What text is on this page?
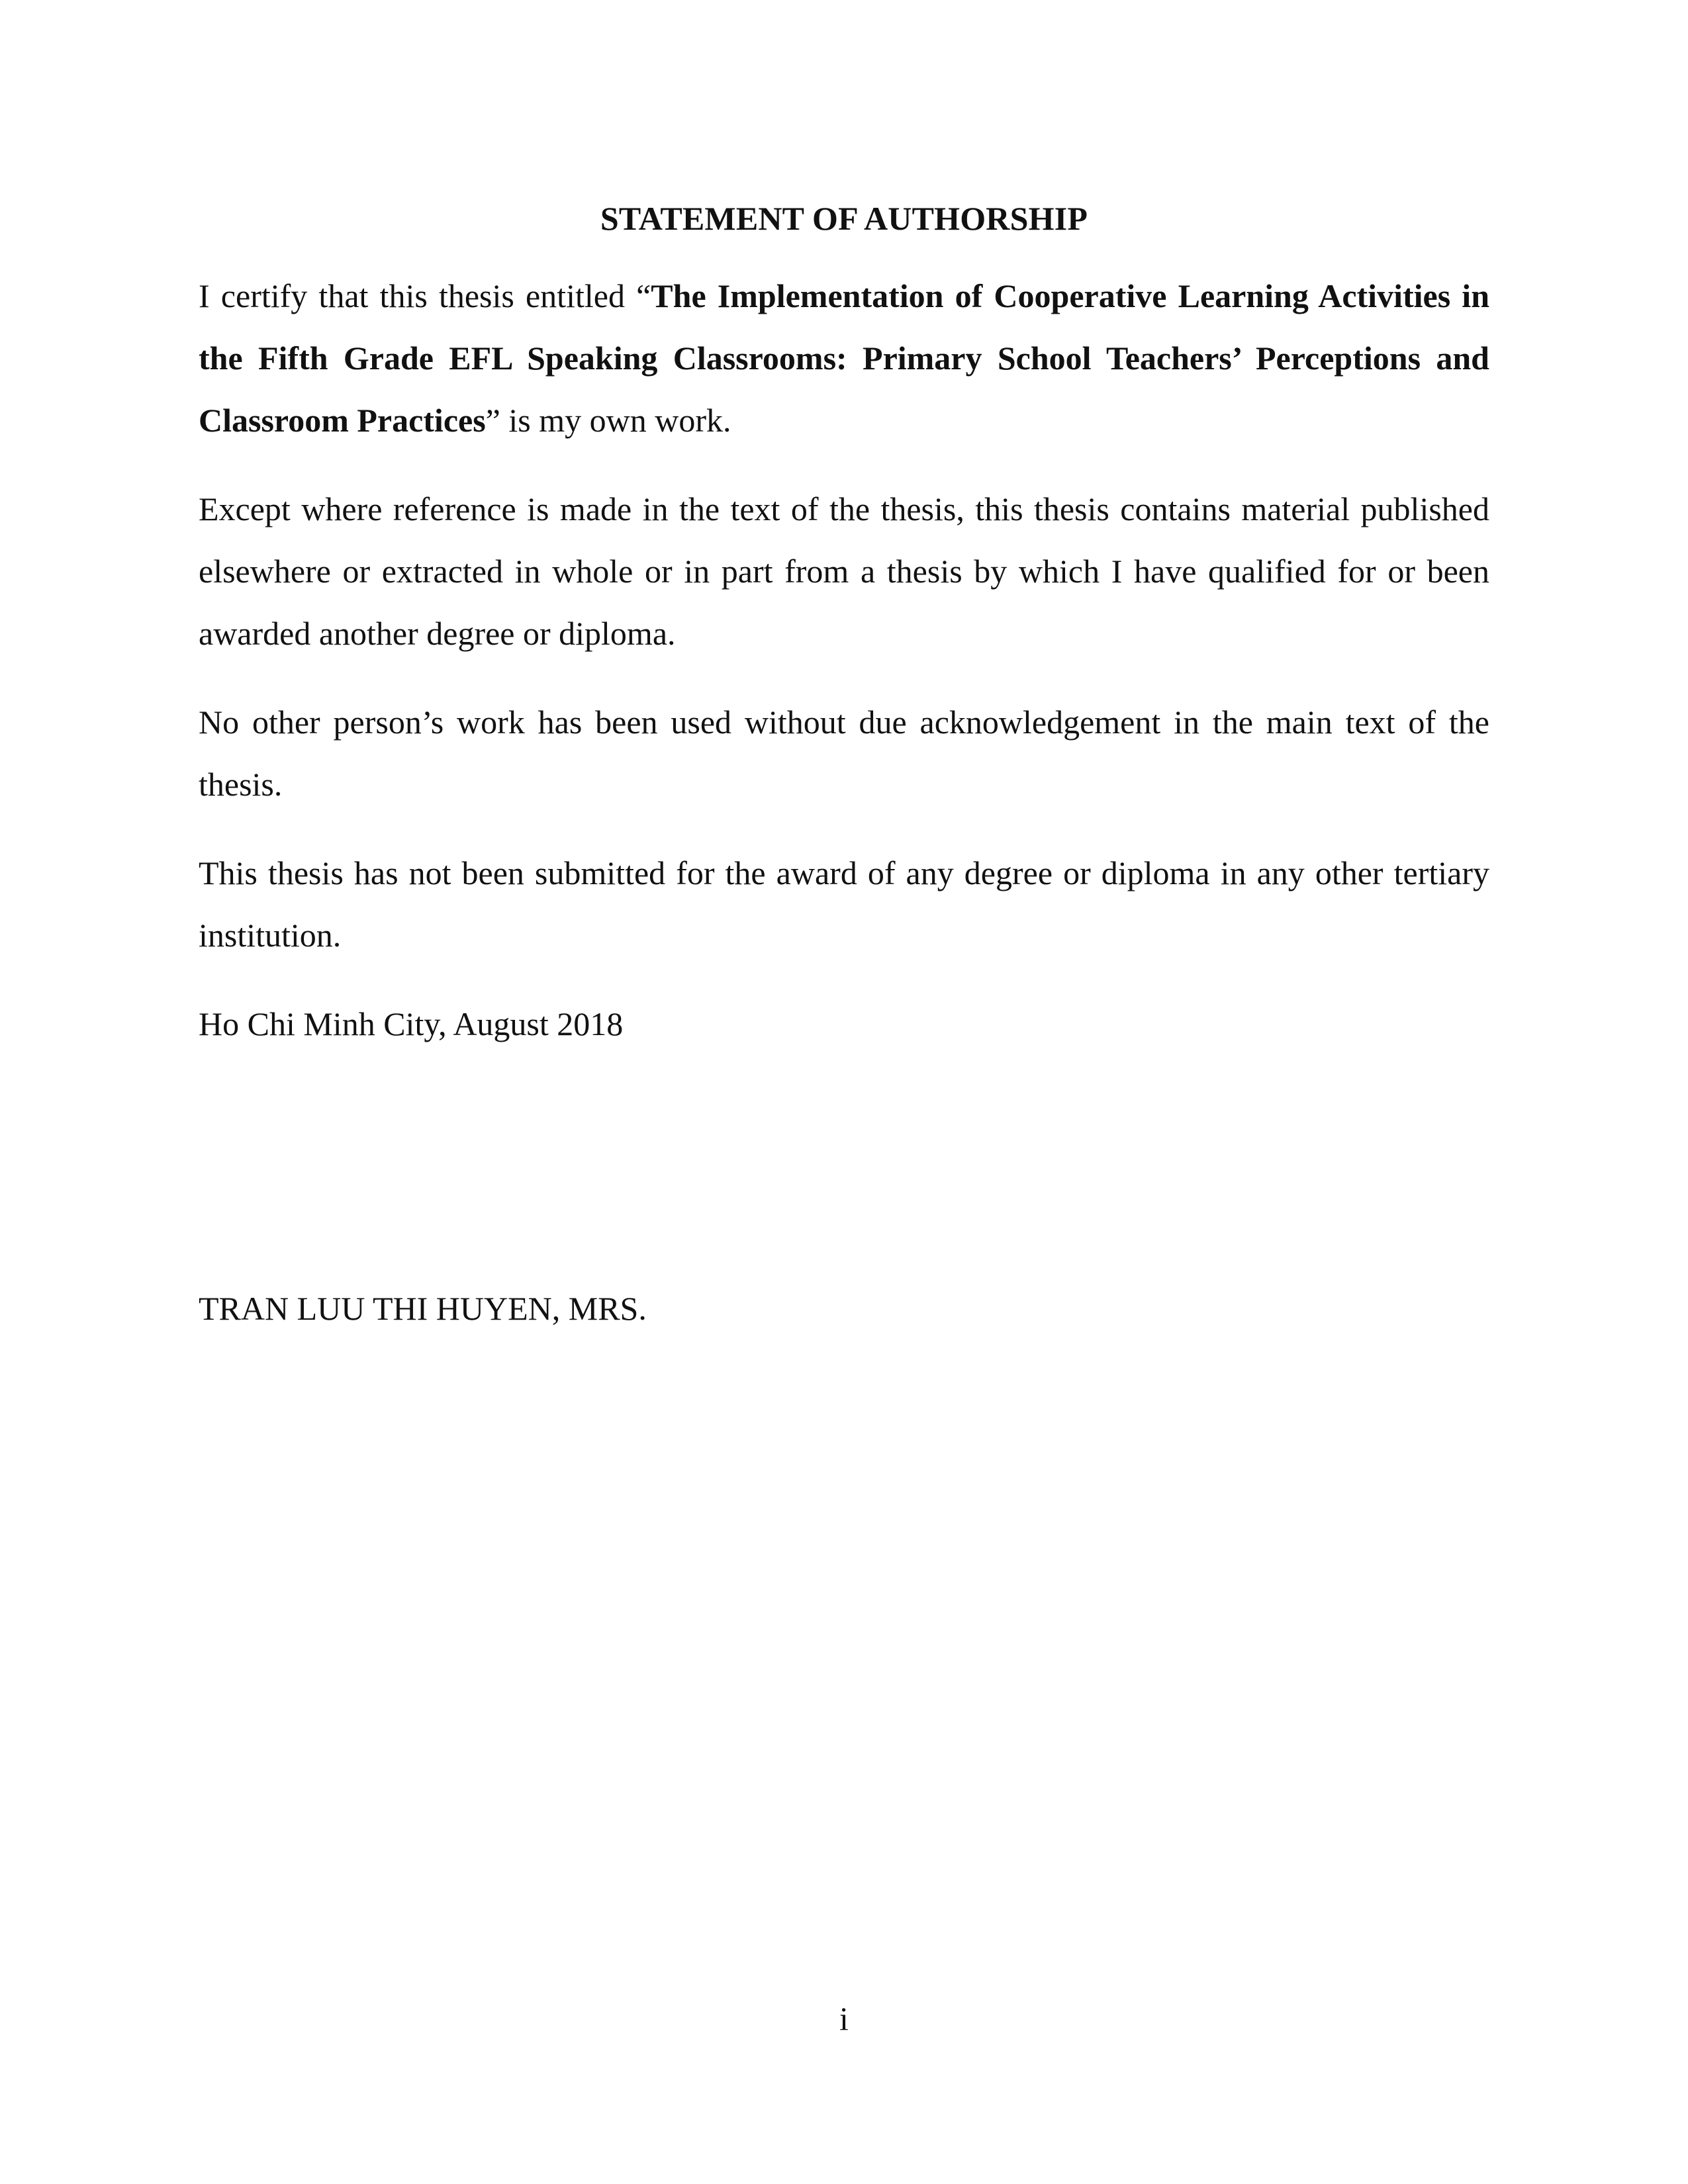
STATEMENT OF AUTHORSHIP

I certify that this thesis entitled “The Implementation of Cooperative Learning Activities in the Fifth Grade EFL Speaking Classrooms: Primary School Teachers’ Perceptions and Classroom Practices” is my own work.

Except where reference is made in the text of the thesis, this thesis contains material published elsewhere or extracted in whole or in part from a thesis by which I have qualified for or been awarded another degree or diploma.

No other person’s work has been used without due acknowledgement in the main text of the thesis.

This thesis has not been submitted for the award of any degree or diploma in any other tertiary institution.

Ho Chi Minh City, August 2018

TRAN LUU THI HUYEN, MRS.

i
